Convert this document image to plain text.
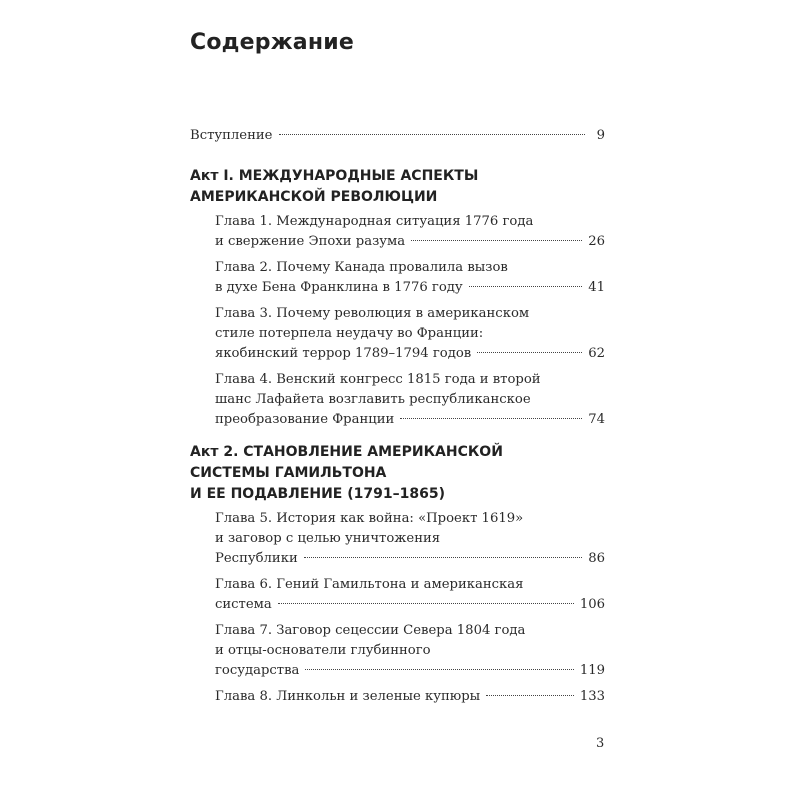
Содержание
Вступление	9
Акт I. МЕЖДУНАРОДНЫЕ АСПЕКТЫ
АМЕРИКАНСКОЙ РЕВОЛЮЦИИ
Глава 1. Международная ситуация 1776 года
и свержение Эпохи разума	26
Глава 2. Почему Канада провалила вызов
в духе Бена Франклина в 1776 году	41
Глава 3. Почему революция в американском
стиле потерпела неудачу во Франции:
якобинский террор 1789–1794 годов	62
Глава 4. Венский конгресс 1815 года и второй
шанс Лафайета возглавить республиканское
преобразование Франции	74
Акт 2. СТАНОВЛЕНИЕ АМЕРИКАНСКОЙ
СИСТЕМЫ ГАМИЛЬТОНА
И ЕЕ ПОДАВЛЕНИЕ (1791–1865)
Глава 5. История как война: «Проект 1619»
и заговор с целью уничтожения
Республики	86
Глава 6. Гений Гамильтона и американская
система	106
Глава 7. Заговор сецессии Севера 1804 года
и отцы-основатели глубинного
государства	119
Глава 8. Линкольн и зеленые купюры	133
3
